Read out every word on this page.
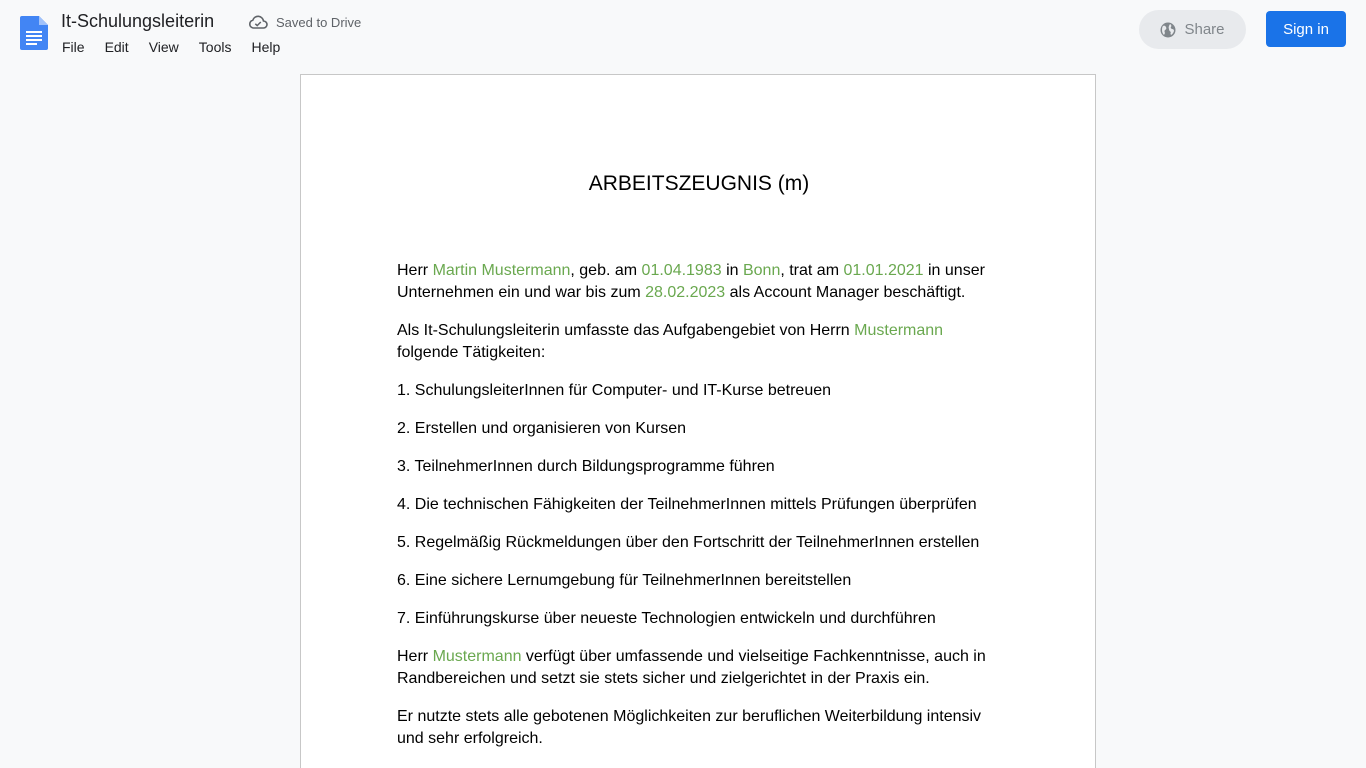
It-Schulungsleiterin	Saved to Drive
File	Edit	View	Tools	Help
Share	Sign in
ARBEITSZEUGNIS (m)

Herr Martin Mustermann, geb. am 01.04.1983 in Bonn, trat am 01.01.2021 in unser Unternehmen ein und war bis zum 28.02.2023 als Account Manager beschäftigt.

Als It-Schulungsleiterin umfasste das Aufgabengebiet von Herrn Mustermann folgende Tätigkeiten:

1. SchulungsleiterInnen für Computer- und IT-Kurse betreuen

2. Erstellen und organisieren von Kursen

3. TeilnehmerInnen durch Bildungsprogramme führen

4. Die technischen Fähigkeiten der TeilnehmerInnen mittels Prüfungen überprüfen

5. Regelmäßig Rückmeldungen über den Fortschritt der TeilnehmerInnen erstellen

6. Eine sichere Lernumgebung für TeilnehmerInnen bereitstellen

7. Einführungskurse über neueste Technologien entwickeln und durchführen

Herr Mustermann verfügt über umfassende und vielseitige Fachkenntnisse, auch in Randbereichen und setzt sie stets sicher und zielgerichtet in der Praxis ein.

Er nutzte stets alle gebotenen Möglichkeiten zur beruflichen Weiterbildung intensiv und sehr erfolgreich.
